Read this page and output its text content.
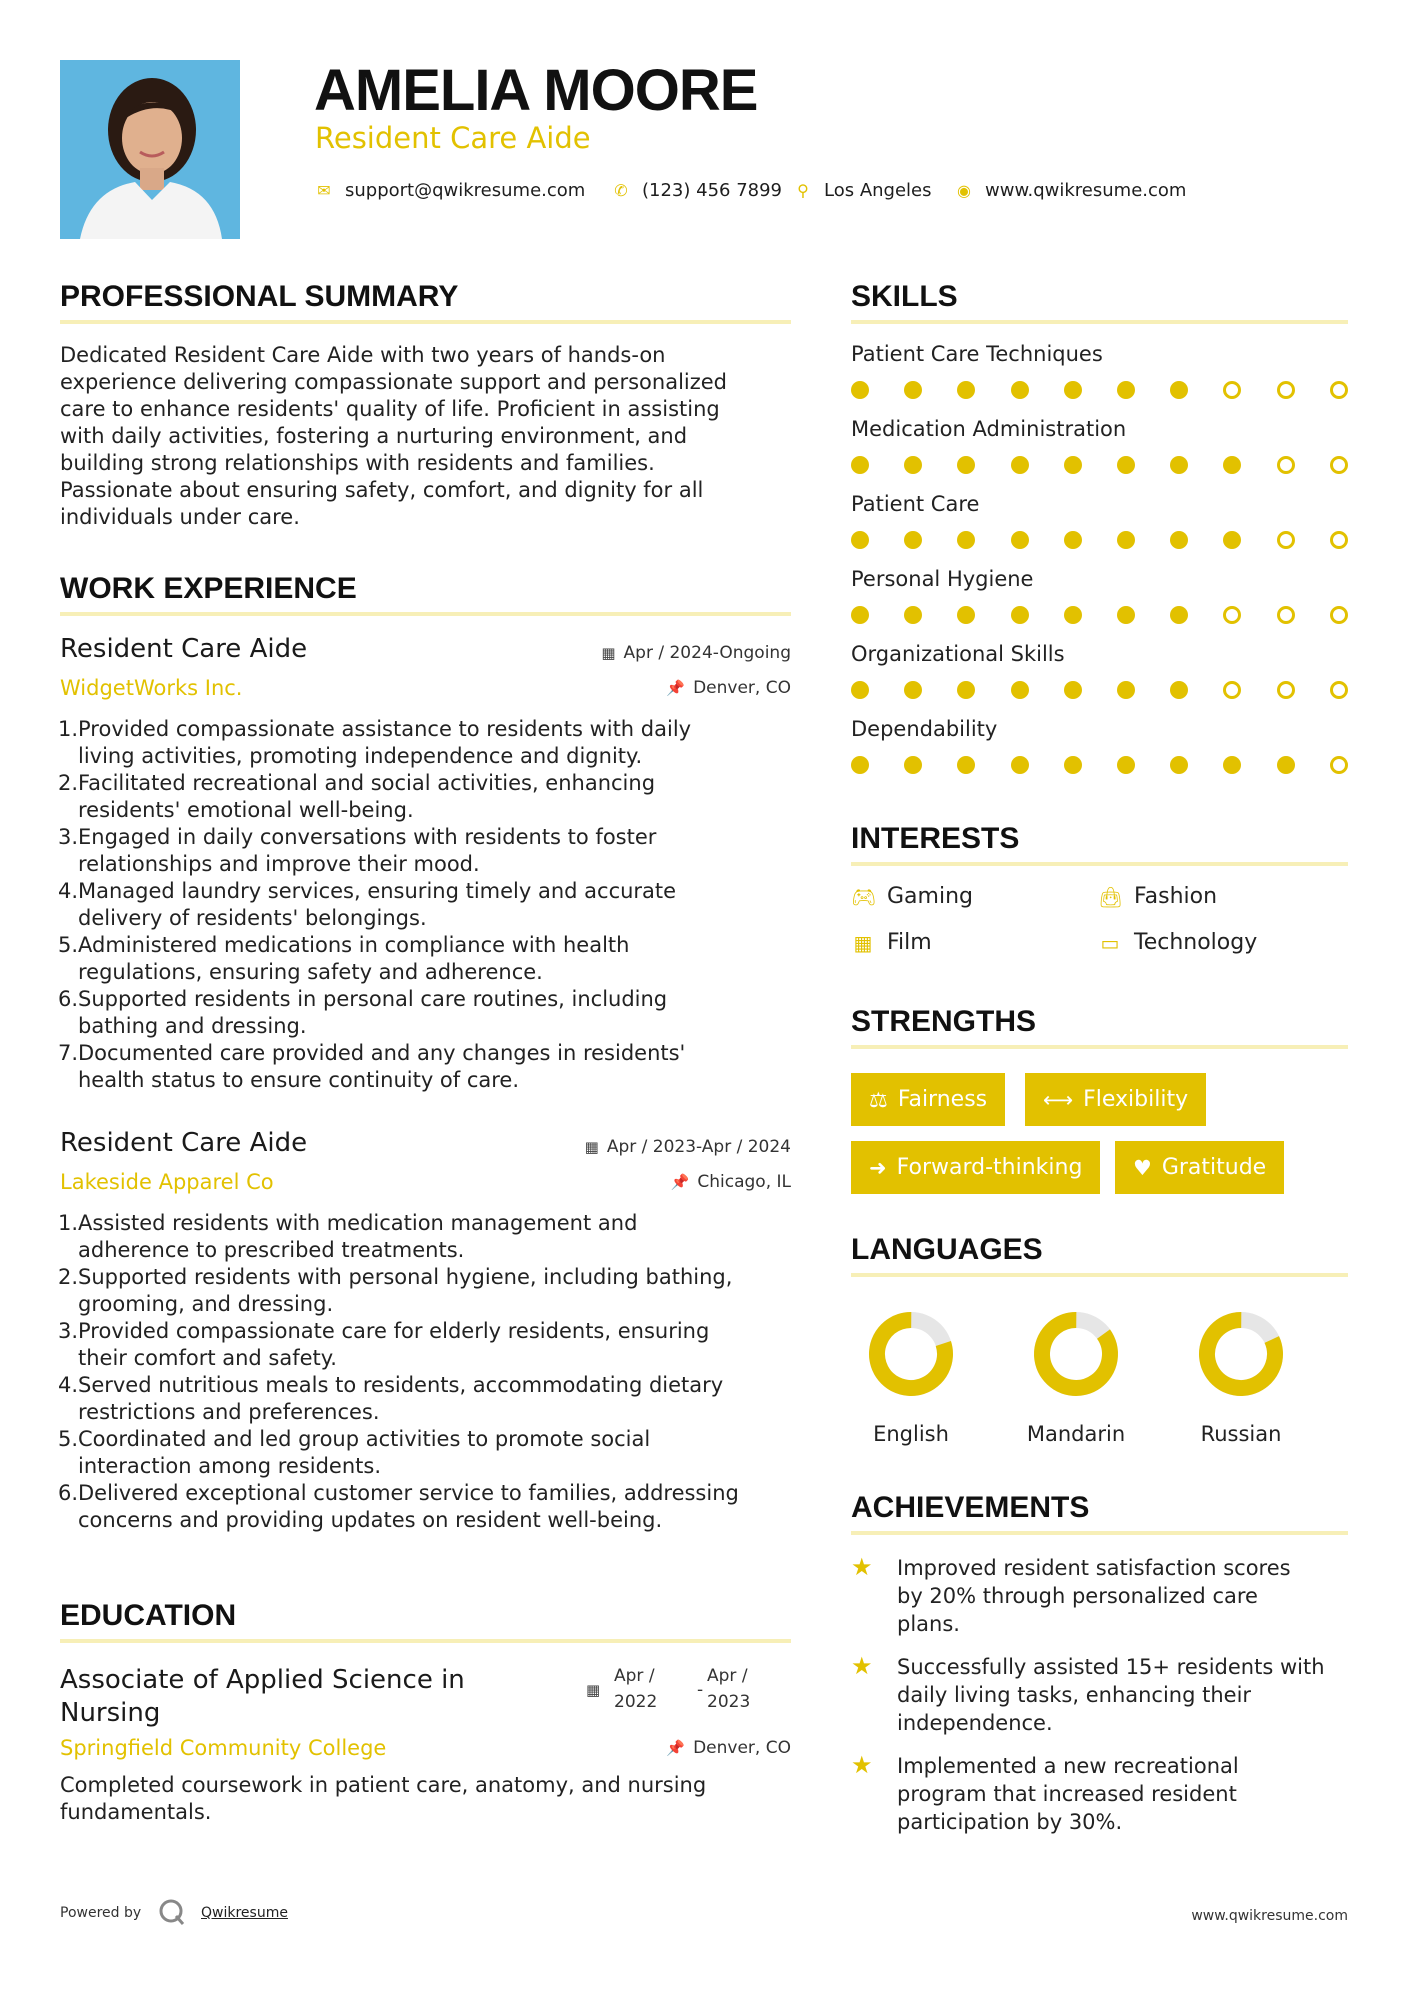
AMELIA MOORE
Resident Care Aide
✉ support@qwikresume.com ✆ (123) 456 7899 ⚲ Los Angeles ◉ www.qwikresume.com
PROFESSIONAL SUMMARY
Dedicated Resident Care Aide with two years of hands-on
experience delivering compassionate support and personalized
care to enhance residents' quality of life. Proficient in assisting
with daily activities, fostering a nurturing environment, and
building strong relationships with residents and families.
Passionate about ensuring safety, comfort, and dignity for all
individuals under care.
WORK EXPERIENCE
Resident Care Aide	▦ Apr / 2024-Ongoing
WidgetWorks Inc.	📌 Denver, CO
1. Provided compassionate assistance to residents with daily
living activities, promoting independence and dignity.
2. Facilitated recreational and social activities, enhancing
residents' emotional well-being.
3. Engaged in daily conversations with residents to foster
relationships and improve their mood.
4. Managed laundry services, ensuring timely and accurate
delivery of residents' belongings.
5. Administered medications in compliance with health
regulations, ensuring safety and adherence.
6. Supported residents in personal care routines, including
bathing and dressing.
7. Documented care provided and any changes in residents'
health status to ensure continuity of care.
Resident Care Aide	▦ Apr / 2023-Apr / 2024
Lakeside Apparel Co	📌 Chicago, IL
1. Assisted residents with medication management and
adherence to prescribed treatments.
2. Supported residents with personal hygiene, including bathing,
grooming, and dressing.
3. Provided compassionate care for elderly residents, ensuring
their comfort and safety.
4. Served nutritious meals to residents, accommodating dietary
restrictions and preferences.
5. Coordinated and led group activities to promote social
interaction among residents.
6. Delivered exceptional customer service to families, addressing
concerns and providing updates on resident well-being.
EDUCATION
Associate of Applied Science in
Nursing
▦
Apr /
2022
-
Apr /
2023
Springfield Community College	📌 Denver, CO
Completed coursework in patient care, anatomy, and nursing
fundamentals.
SKILLS
Patient Care Techniques
Medication Administration
Patient Care
Personal Hygiene
Organizational Skills
Dependability
INTERESTS
🎮︎ Gaming	👜︎ Fashion
▦ Film	▭ Technology
STRENGTHS
⚖ Fairness	⟷ Flexibility
➜ Forward-thinking ♥ Gratitude
LANGUAGES
English	Mandarin	Russian
ACHIEVEMENTS
★	Improved resident satisfaction scores
by 20% through personalized care
plans.
★	Successfully assisted 15+ residents with
daily living tasks, enhancing their
independence.
★	Implemented a new recreational
program that increased resident
participation by 30%.
Powered by	Qwikresume	www.qwikresume.com
